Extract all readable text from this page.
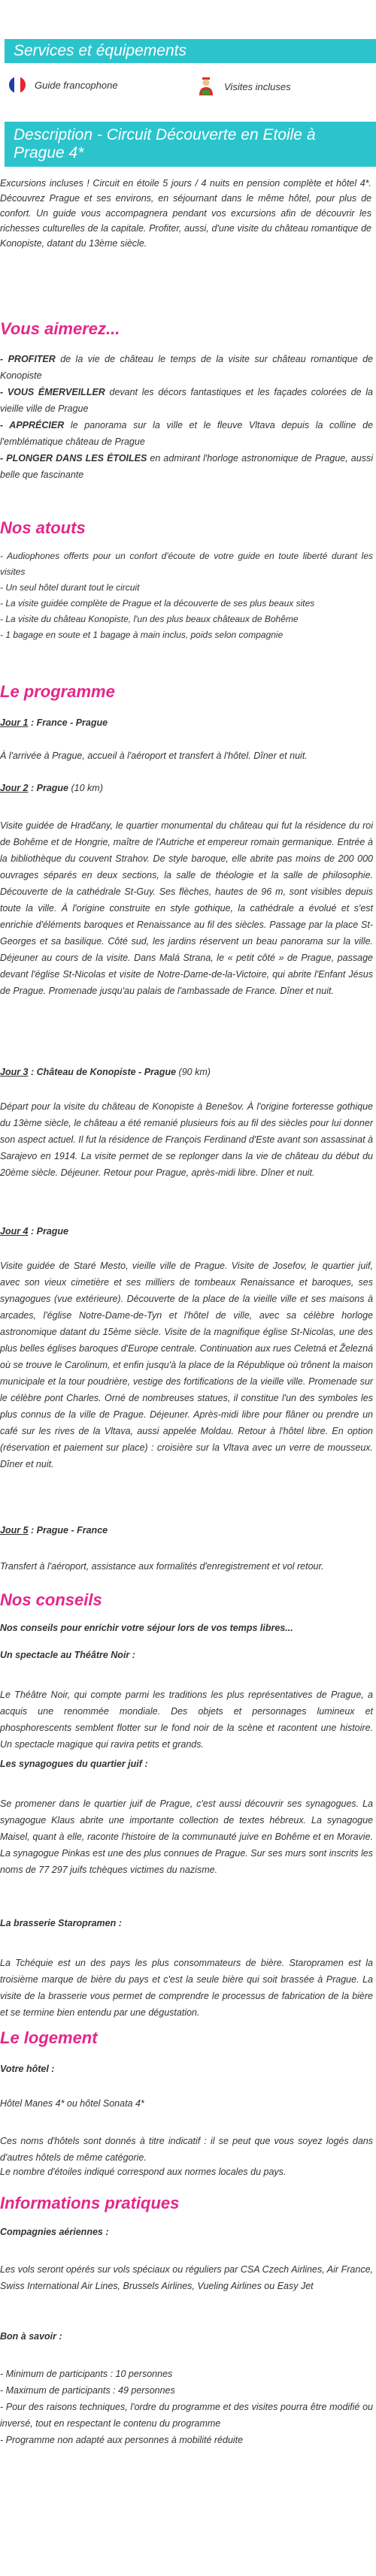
Services et équipements
Guide francophone	Visites incluses
Description - Circuit Découverte en Etoile à Prague 4*

Excursions incluses ! Circuit en étoile 5 jours / 4 nuits en pension complète et hôtel 4*. Découvrez Prague et ses environs, en séjournant dans le même hôtel, pour plus de confort. Un guide vous accompagnera pendant vos excursions afin de découvrir les richesses culturelles de la capitale. Profiter, aussi, d'une visite du château romantique de Konopiste, datant du 13ème siècle.

Vous aimerez...
- PROFITER de la vie de château le temps de la visite sur château romantique de Konopiste
- VOUS ÉMERVEILLER devant les décors fantastiques et les façades colorées de la vieille ville de Prague
- APPRÉCIER le panorama sur la ville et le fleuve Vltava depuis la colline de l'emblématique château de Prague
- PLONGER DANS LES ÉTOILES en admirant l'horloge astronomique de Prague, aussi belle que fascinante
Nos atouts
- Audiophones offerts pour un confort d'écoute de votre guide en toute liberté durant les visites
- Un seul hôtel durant tout le circuit
- La visite guidée complète de Prague et la découverte de ses plus beaux sites
- La visite du château Konopiste, l'un des plus beaux châteaux de Bohême
- 1 bagage en soute et 1 bagage à main inclus, poids selon compagnie
Le programme
Jour 1 : France - Prague
À l'arrivée à Prague, accueil à l'aéroport et transfert à l'hôtel. Dîner et nuit.
Jour 2 : Prague (10 km)
Visite guidée de Hradčany, le quartier monumental du château qui fut la résidence du roi de Bohême et de Hongrie, maître de l'Autriche et empereur romain germanique. Entrée à la bibliothèque du couvent Strahov. De style baroque, elle abrite pas moins de 200 000 ouvrages séparés en deux sections, la salle de théologie et la salle de philosophie. Découverte de la cathédrale St-Guy. Ses flèches, hautes de 96 m, sont visibles depuis toute la ville. À l'origine construite en style gothique, la cathédrale a évolué et s'est enrichie d'éléments baroques et Renaissance au fil des siècles. Passage par la place St-Georges et sa basilique. Côté sud, les jardins réservent un beau panorama sur la ville. Déjeuner au cours de la visite. Dans Malá Strana, le « petit côté » de Prague, passage devant l'église St-Nicolas et visite de Notre-Dame-de-la-Victoire, qui abrite l'Enfant Jésus de Prague. Promenade jusqu'au palais de l'ambassade de France. Dîner et nuit.
Jour 3 : Château de Konopiste - Prague (90 km)
Départ pour la visite du château de Konopiste à Benešov. À l'origine forteresse gothique du 13ème siècle, le château a été remanié plusieurs fois au fil des siècles pour lui donner son aspect actuel. Il fut la résidence de François Ferdinand d'Este avant son assassinat à Sarajevo en 1914. La visite permet de se replonger dans la vie de château du début du 20ème siècle. Déjeuner. Retour pour Prague, après-midi libre. Dîner et nuit.
Jour 4 : Prague
Visite guidée de Staré Mesto, vieille ville de Prague. Visite de Josefov, le quartier juif, avec son vieux cimetière et ses milliers de tombeaux Renaissance et baroques, ses synagogues (vue extérieure). Découverte de la place de la vieille ville et ses maisons à arcades, l'église Notre-Dame-de-Tyn et l'hôtel de ville, avec sa célèbre horloge astronomique datant du 15ème siècle. Visite de la magnifique église St-Nicolas, une des plus belles églises baroques d'Europe centrale. Continuation aux rues Celetná et Železná où se trouve le Carolinum, et enfin jusqu'à la place de la République où trônent la maison municipale et la tour poudrière, vestige des fortifications de la vieille ville. Promenade sur le célèbre pont Charles. Orné de nombreuses statues, il constitue l'un des symboles les plus connus de la ville de Prague. Déjeuner. Après-midi libre pour flâner ou prendre un café sur les rives de la Vltava, aussi appelée Moldau. Retour à l'hôtel libre. En option (réservation et paiement sur place) : croisière sur la Vltava avec un verre de mousseux. Dîner et nuit.
Jour 5 : Prague - France
Transfert à l'aéroport, assistance aux formalités d'enregistrement et vol retour.
Nos conseils
Nos conseils pour enrichir votre séjour lors de vos temps libres...
Un spectacle au Théâtre Noir :
Le Théâtre Noir, qui compte parmi les traditions les plus représentatives de Prague, a acquis une renommée mondiale. Des objets et personnages lumineux et phosphorescents semblent flotter sur le fond noir de la scène et racontent une histoire. Un spectacle magique qui ravira petits et grands.
Les synagogues du quartier juif :
Se promener dans le quartier juif de Prague, c'est aussi découvrir ses synagogues. La synagogue Klaus abrite une importante collection de textes hébreux. La synagogue Maisel, quant à elle, raconte l'histoire de la communauté juive en Bohême et en Moravie. La synagogue Pinkas est une des plus connues de Prague. Sur ses murs sont inscrits les noms de 77 297 juifs tchèques victimes du nazisme.
La brasserie Staropramen :
La Tchéquie est un des pays les plus consommateurs de bière. Staropramen est la troisième marque de bière du pays et c'est la seule bière qui soit brassée à Prague. La visite de la brasserie vous permet de comprendre le processus de fabrication de la bière et se termine bien entendu par une dégustation.
Le logement
Votre hôtel :
Hôtel Manes 4* ou hôtel Sonata 4*
Ces noms d'hôtels sont donnés à titre indicatif : il se peut que vous soyez logés dans d'autres hôtels de même catégorie.
Le nombre d'étoiles indiqué correspond aux normes locales du pays.
Informations pratiques
Compagnies aériennes :
Les vols seront opérés sur vols spéciaux ou réguliers par CSA Czech Airlines, Air France, Swiss International Air Lines, Brussels Airlines, Vueling Airlines ou Easy Jet
Bon à savoir :
- Minimum de participants : 10 personnes
- Maximum de participants : 49 personnes
- Pour des raisons techniques, l'ordre du programme et des visites pourra être modifié ou inversé, tout en respectant le contenu du programme
- Programme non adapté aux personnes à mobilité réduite
